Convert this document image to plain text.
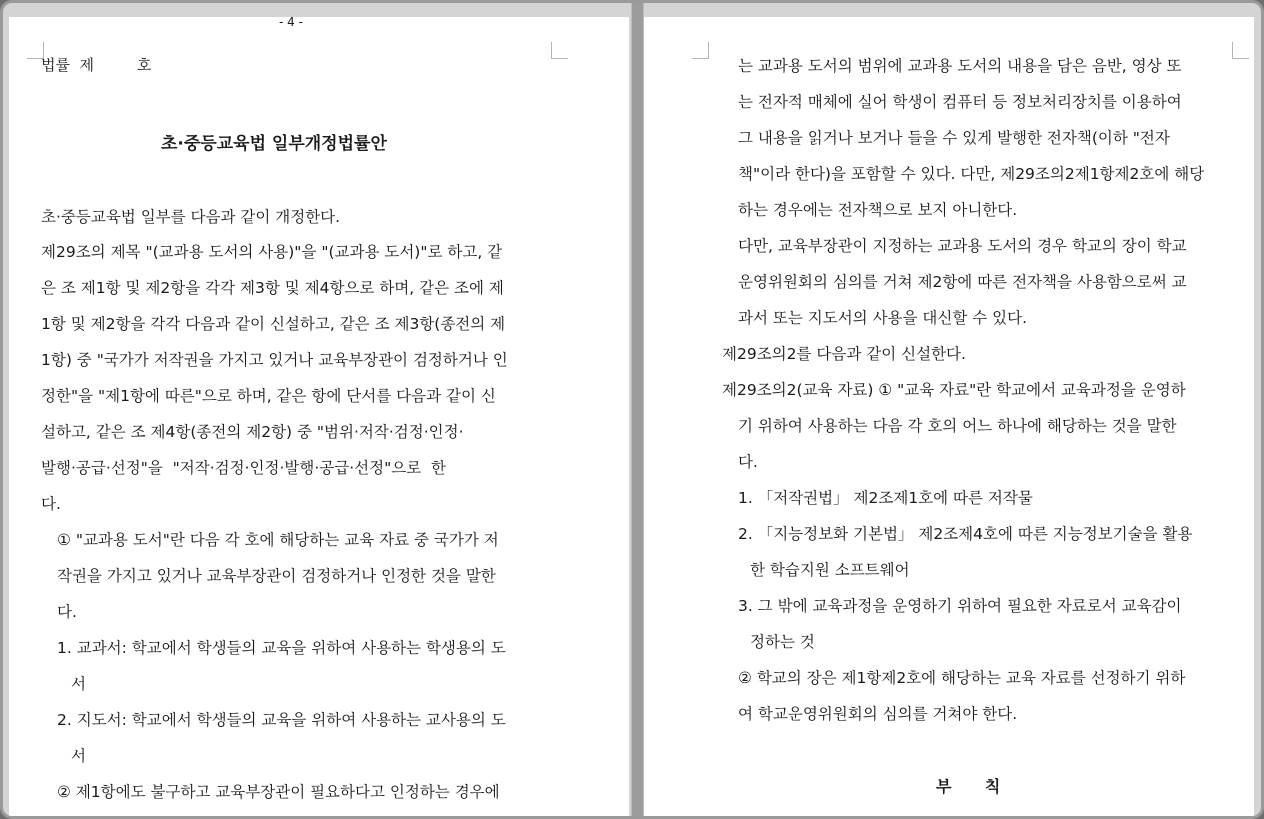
- 4 -
법률  제         호
초·중등교육법 일부개정법률안
초·중등교육법 일부를 다음과 같이 개정한다.
제29조의 제목 "(교과용 도서의 사용)"을 "(교과용 도서)"로 하고, 같
은 조 제1항 및 제2항을 각각 제3항 및 제4항으로 하며, 같은 조에 제
1항 및 제2항을 각각 다음과 같이 신설하고, 같은 조 제3항(종전의 제
1항) 중 "국가가 저작권을 가지고 있거나 교육부장관이 검정하거나 인
정한"을 "제1항에 따른"으로 하며, 같은 항에 단서를 다음과 같이 신
설하고, 같은 조 제4항(종전의 제2항) 중 "범위·저작·검정·인정·
발행·공급·선정"을  "저작·검정·인정·발행·공급·선정"으로  한
다.
① "교과용 도서"란 다음 각 호에 해당하는 교육 자료 중 국가가 저
작권을 가지고 있거나 교육부장관이 검정하거나 인정한 것을 말한
다.
1. 교과서: 학교에서 학생들의 교육을 위하여 사용하는 학생용의 도
서
2. 지도서: 학교에서 학생들의 교육을 위하여 사용하는 교사용의 도
서
② 제1항에도 불구하고 교육부장관이 필요하다고 인정하는 경우에
는 교과용 도서의 범위에 교과용 도서의 내용을 담은 음반, 영상 또
는 전자적 매체에 실어 학생이 컴퓨터 등 정보처리장치를 이용하여
그 내용을 읽거나 보거나 들을 수 있게 발행한 전자책(이하 "전자
책"이라 한다)을 포함할 수 있다. 다만, 제29조의2제1항제2호에 해당
하는 경우에는 전자책으로 보지 아니한다.
다만, 교육부장관이 지정하는 교과용 도서의 경우 학교의 장이 학교
운영위원회의 심의를 거쳐 제2항에 따른 전자책을 사용함으로써 교
과서 또는 지도서의 사용을 대신할 수 있다.
제29조의2를 다음과 같이 신설한다.
제29조의2(교육 자료) ① "교육 자료"란 학교에서 교육과정을 운영하
기 위하여 사용하는 다음 각 호의 어느 하나에 해당하는 것을 말한
다.
1. 「저작권법」 제2조제1호에 따른 저작물
2. 「지능정보화 기본법」 제2조제4호에 따른 지능정보기술을 활용
한 학습지원 소프트웨어
3. 그 밖에 교육과정을 운영하기 위하여 필요한 자료로서 교육감이
정하는 것
② 학교의 장은 제1항제2호에 해당하는 교육 자료를 선정하기 위하
여 학교운영위원회의 심의를 거쳐야 한다.
부      칙
